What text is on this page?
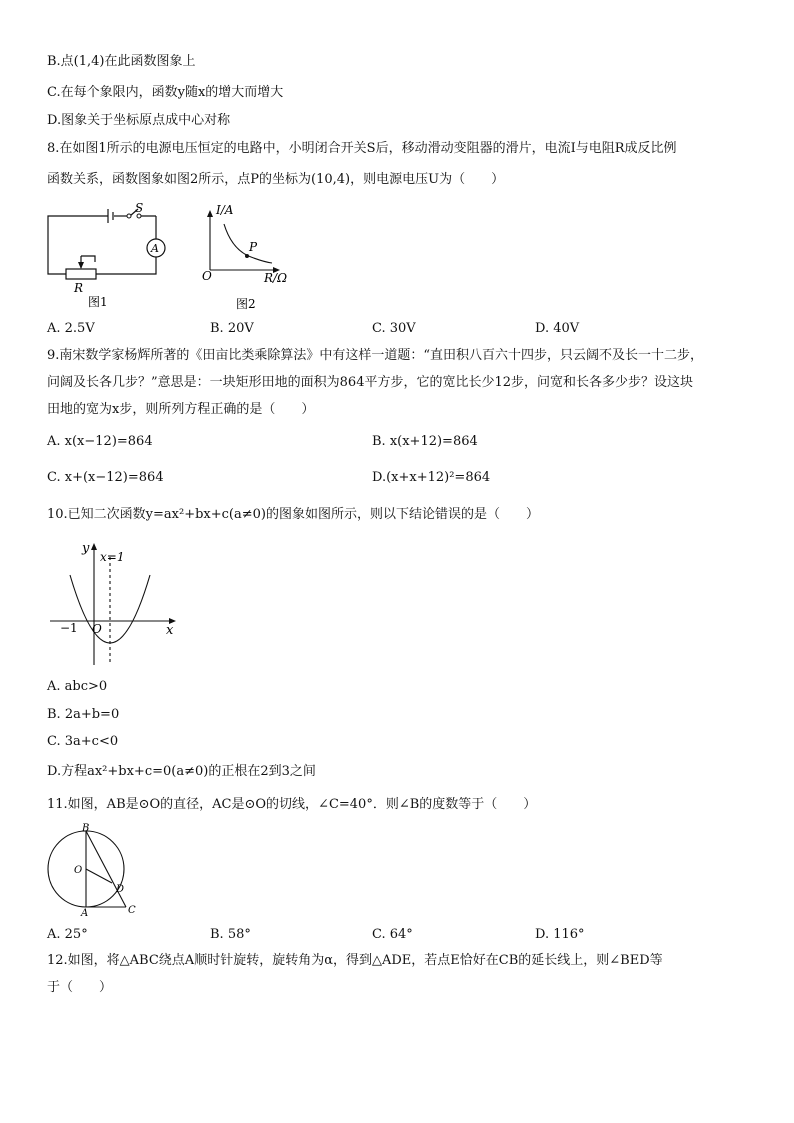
B.点(1,4)在此函数图象上
C.在每个象限内，函数y随x的增大而增大
D.图象关于坐标原点成中心对称
8.在如图1所示的电源电压恒定的电路中，小明闭合开关S后，移动滑动变阻器的滑片，电流I与电阻R成反比例
函数关系，函数图象如图2所示，点P的坐标为(10,4)，则电源电压U为（　　）
S
A
R
图1
I/A
R/Ω
O
P
图2
A. 2.5V	B. 20V	C. 30V	D. 40V
9.南宋数学家杨辉所著的《田亩比类乘除算法》中有这样一道题：“直田积八百六十四步，只云阔不及长一十二步，
问阔及长各几步？”意思是：一块矩形田地的面积为864平方步，它的宽比长少12步，问宽和长各多少步？设这块
田地的宽为x步，则所列方程正确的是（　　）
A. x(x−12)=864	B. x(x+12)=864
C. x+(x−12)=864	D.(x+x+12)²=864
10.已知二次函数y=ax²+bx+c(a≠0)的图象如图所示，则以下结论错误的是（　　）
y
x
x=1
−1 O
A. abc>0
B. 2a+b=0
C. 3a+c<0
D.方程ax²+bx+c=0(a≠0)的正根在2到3之间
11.如图，AB是⊙O的直径，AC是⊙O的切线，∠C=40°．则∠B的度数等于（　　）
B
O
D
A	C
A. 25°	B. 58°	C. 64°	D. 116°
12.如图，将△ABC绕点A顺时针旋转，旋转角为α，得到△ADE，若点E恰好在CB的延长线上，则∠BED等
于（　　）
